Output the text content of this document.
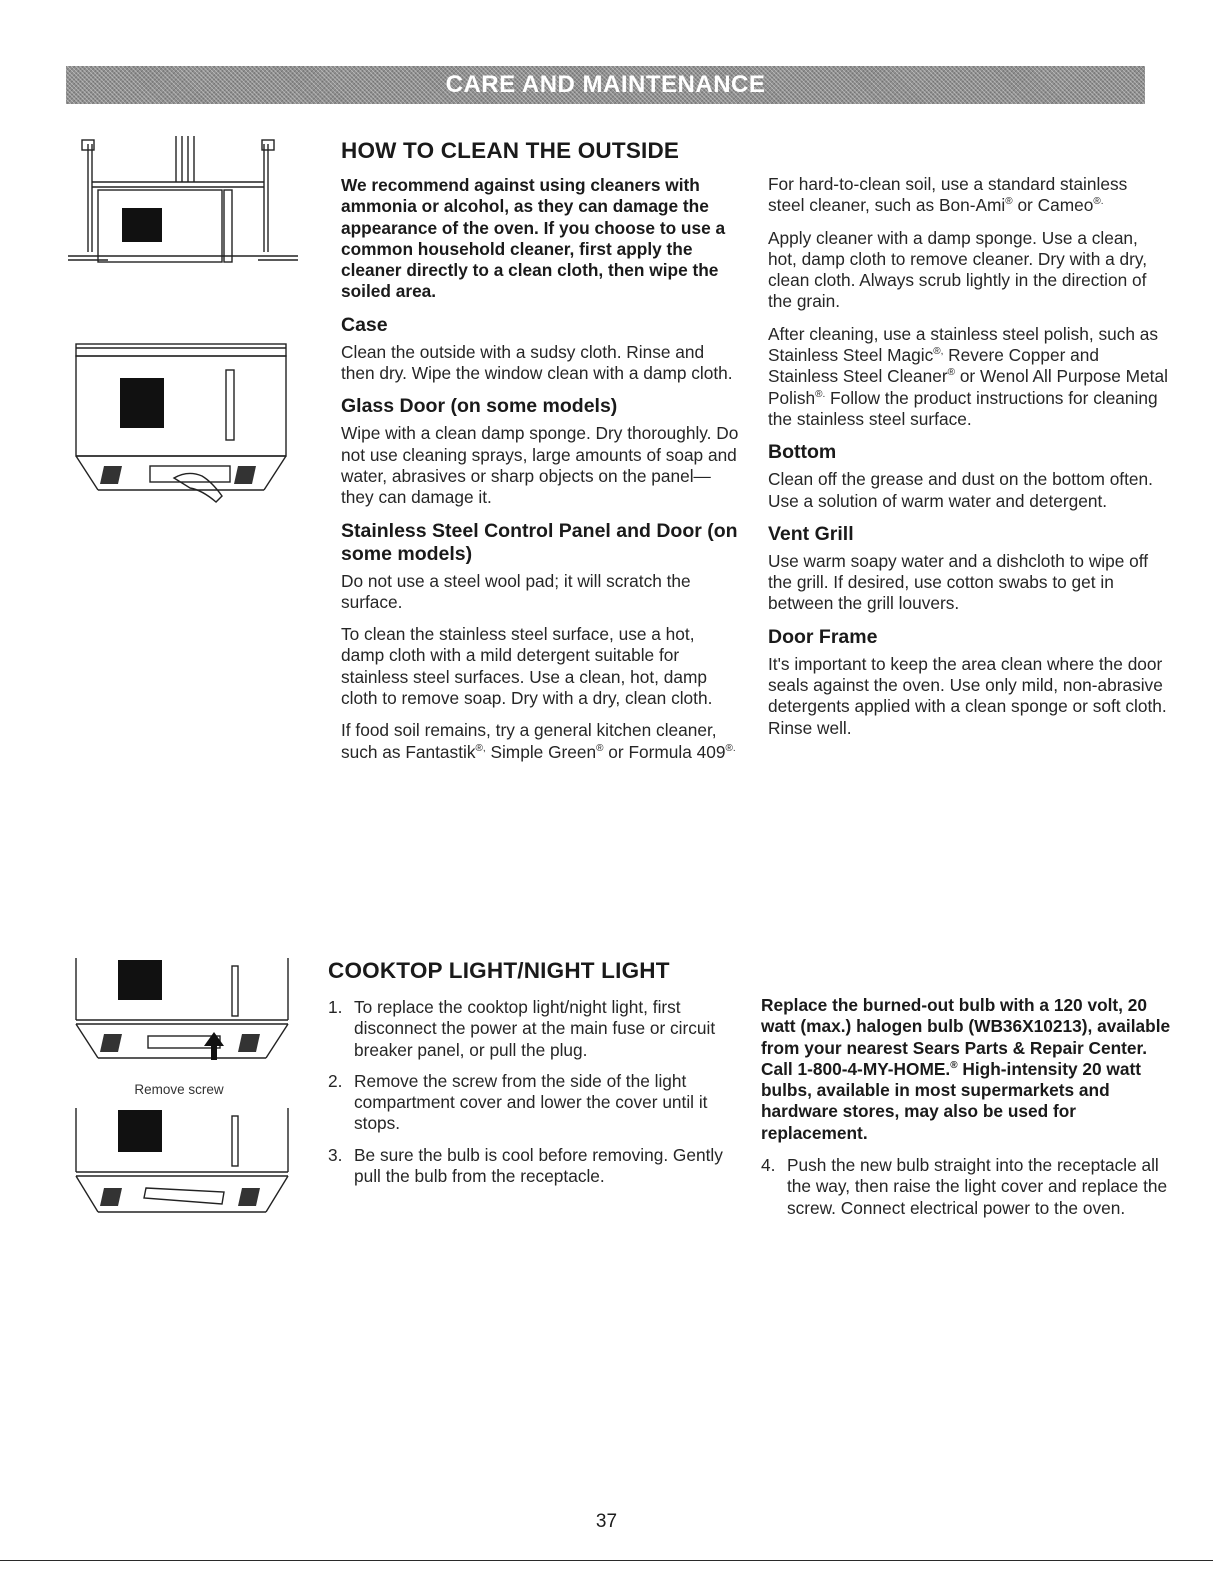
CARE AND MAINTENANCE
Remove screw
HOW TO CLEAN THE OUTSIDE

We recommend against using cleaners with ammonia or alcohol, as they can damage the appearance of the oven. If you choose to use a common household cleaner, first apply the cleaner directly to a clean cloth, then wipe the soiled area.

Case

Clean the outside with a sudsy cloth. Rinse and then dry. Wipe the window clean with a damp cloth.

Glass Door (on some models)

Wipe with a clean damp sponge. Dry thoroughly. Do not use cleaning sprays, large amounts of soap and water, abrasives or sharp objects on the panel—they can damage it.

Stainless Steel Control Panel and Door (on some models)

Do not use a steel wool pad; it will scratch the surface.

To clean the stainless steel surface, use a hot, damp cloth with a mild detergent suitable for stainless steel surfaces. Use a clean, hot, damp cloth to remove soap. Dry with a dry, clean cloth.

If food soil remains, try a general kitchen cleaner, such as Fantastik®, Simple Green® or Formula 409®.

For hard-to-clean soil, use a standard stainless steel cleaner, such as Bon-Ami® or Cameo®.

Apply cleaner with a damp sponge. Use a clean, hot, damp cloth to remove cleaner. Dry with a dry, clean cloth. Always scrub lightly in the direction of the grain.

After cleaning, use a stainless steel polish, such as Stainless Steel Magic®, Revere Copper and Stainless Steel Cleaner® or Wenol All Purpose Metal Polish®. Follow the product instructions for cleaning the stainless steel surface.

Bottom

Clean off the grease and dust on the bottom often. Use a solution of warm water and detergent.

Vent Grill

Use warm soapy water and a dishcloth to wipe off the grill. If desired, use cotton swabs to get in between the grill louvers.

Door Frame

It's important to keep the area clean where the door seals against the oven. Use only mild, non-abrasive detergents applied with a clean sponge or soft cloth. Rinse well.

COOKTOP LIGHT/NIGHT LIGHT
1. To replace the cooktop light/night light, first disconnect the power at the main fuse or circuit breaker panel, or pull the plug.
2. Remove the screw from the side of the light compartment cover and lower the cover until it stops.
3. Be sure the bulb is cool before removing. Gently pull the bulb from the receptacle.

Replace the burned-out bulb with a 120 volt, 20 watt (max.) halogen bulb (WB36X10213), available from your nearest Sears Parts & Repair Center. Call 1-800-4-MY-HOME.® High-intensity 20 watt bulbs, available in most supermarkets and hardware stores, may also be used for replacement.

4. Push the new bulb straight into the receptacle all the way, then raise the light cover and replace the screw. Connect electrical power to the oven.
37
